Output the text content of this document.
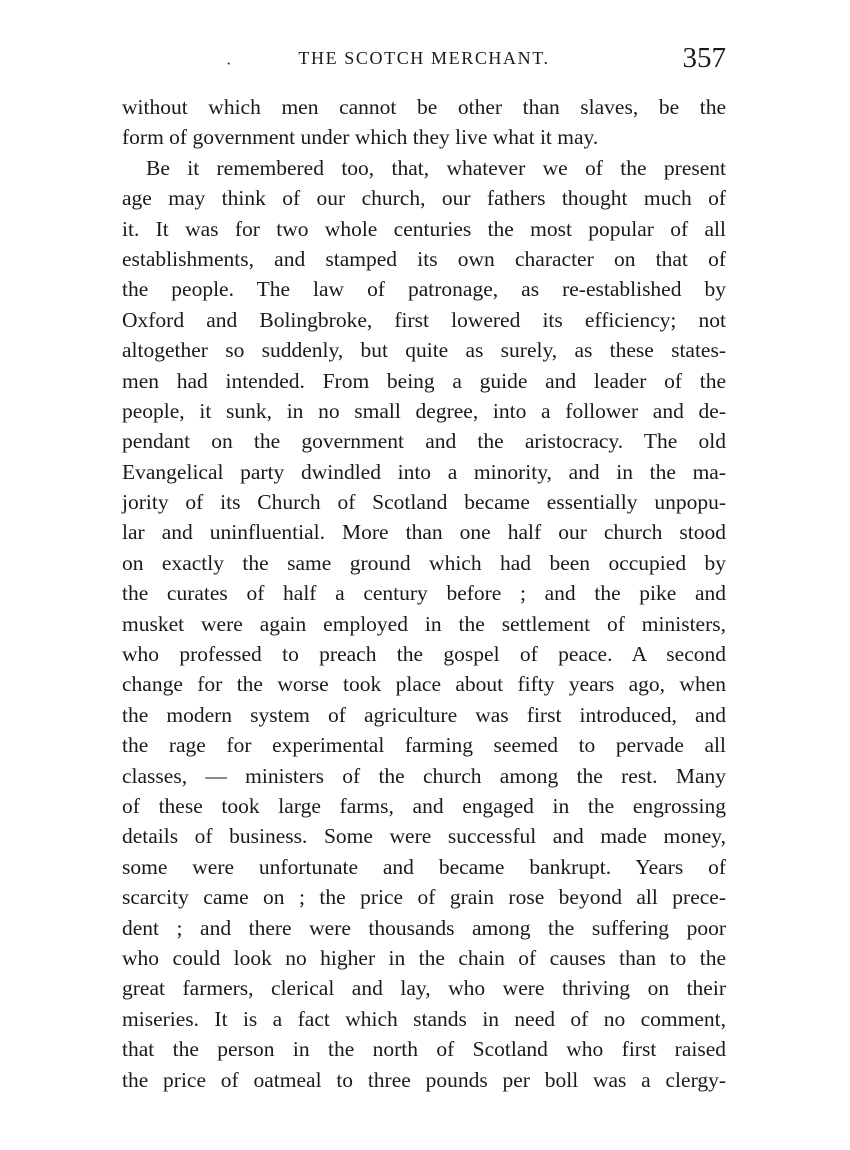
·	THE SCOTCH MERCHANT.	357
without which men cannot be other than slaves, be the
form of government under which they live what it may.
Be it remembered too, that, whatever we of the present
age may think of our church, our fathers thought much of
it. It was for two whole centuries the most popular of all
establishments, and stamped its own character on that of
the people. The law of patronage, as re-established by
Oxford and Bolingbroke, first lowered its efficiency; not
altogether so suddenly, but quite as surely, as these states-
men had intended. From being a guide and leader of the
people, it sunk, in no small degree, into a follower and de-
pendant on the government and the aristocracy. The old
Evangelical party dwindled into a minority, and in the ma-
jority of its Church of Scotland became essentially unpopu-
lar and uninfluential. More than one half our church stood
on exactly the same ground which had been occupied by
the curates of half a century before ; and the pike and
musket were again employed in the settlement of ministers,
who professed to preach the gospel of peace. A second
change for the worse took place about fifty years ago, when
the modern system of agriculture was first introduced, and
the rage for experimental farming seemed to pervade all
classes, — ministers of the church among the rest. Many
of these took large farms, and engaged in the engrossing
details of business. Some were successful and made money,
some were unfortunate and became bankrupt. Years of
scarcity came on ; the price of grain rose beyond all prece-
dent ; and there were thousands among the suffering poor
who could look no higher in the chain of causes than to the
great farmers, clerical and lay, who were thriving on their
miseries. It is a fact which stands in need of no comment,
that the person in the north of Scotland who first raised
the price of oatmeal to three pounds per boll was a clergy-
